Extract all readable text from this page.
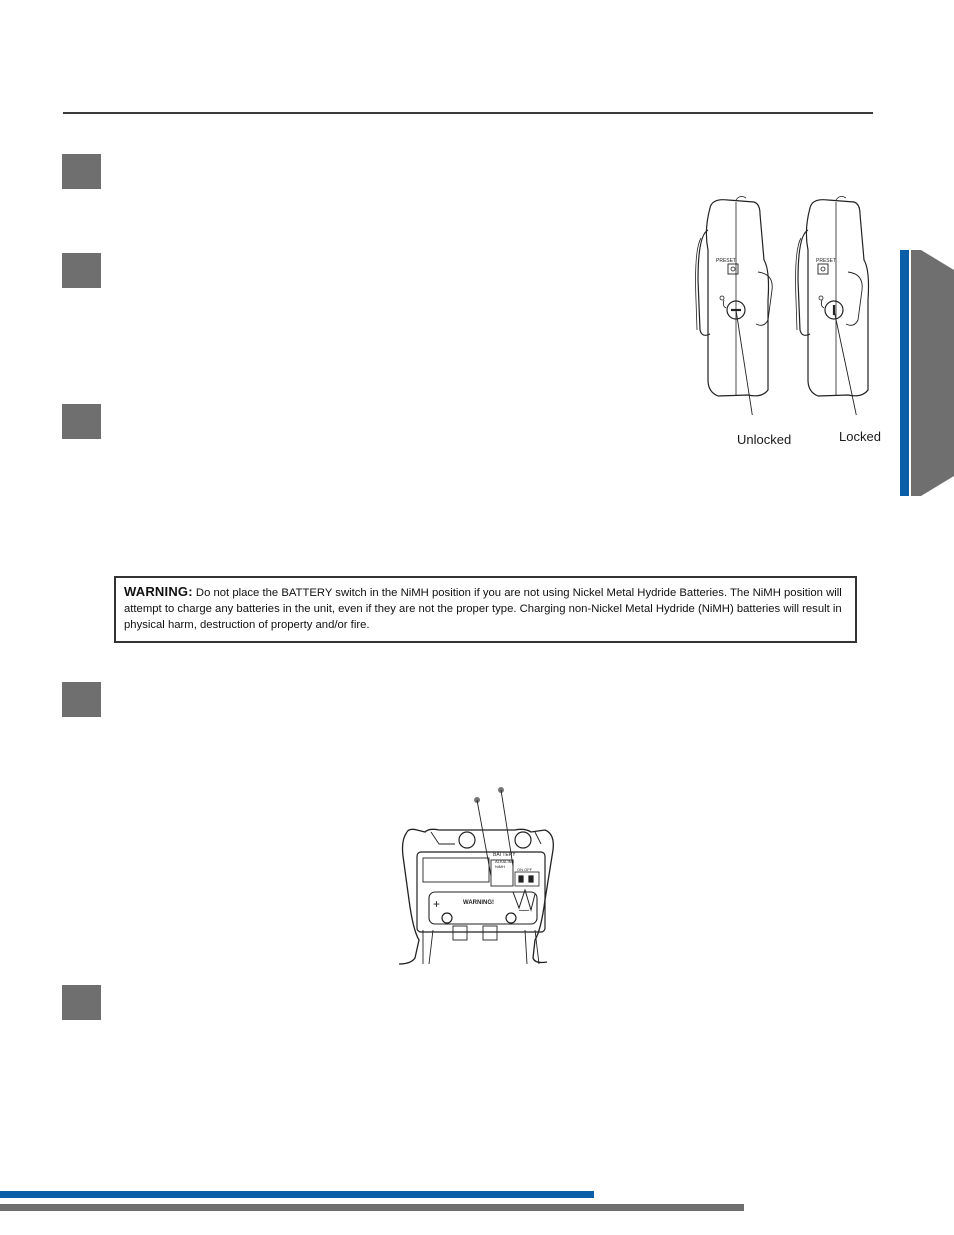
PRESET	PRESET
Unlocked	Locked
WARNING: Do not place the BATTERY switch in the NiMH position if you are not using Nickel Metal Hydride Batteries. The NiMH position will attempt to charge any batteries in the unit, even if they are not the proper type. Charging non-Nickel Metal Hydride (NiMH) batteries will result in physical harm, destruction of property and/or fire.
BATTERY
ALKALINE
NiMH
ON OFF
WARNING!
+	—
